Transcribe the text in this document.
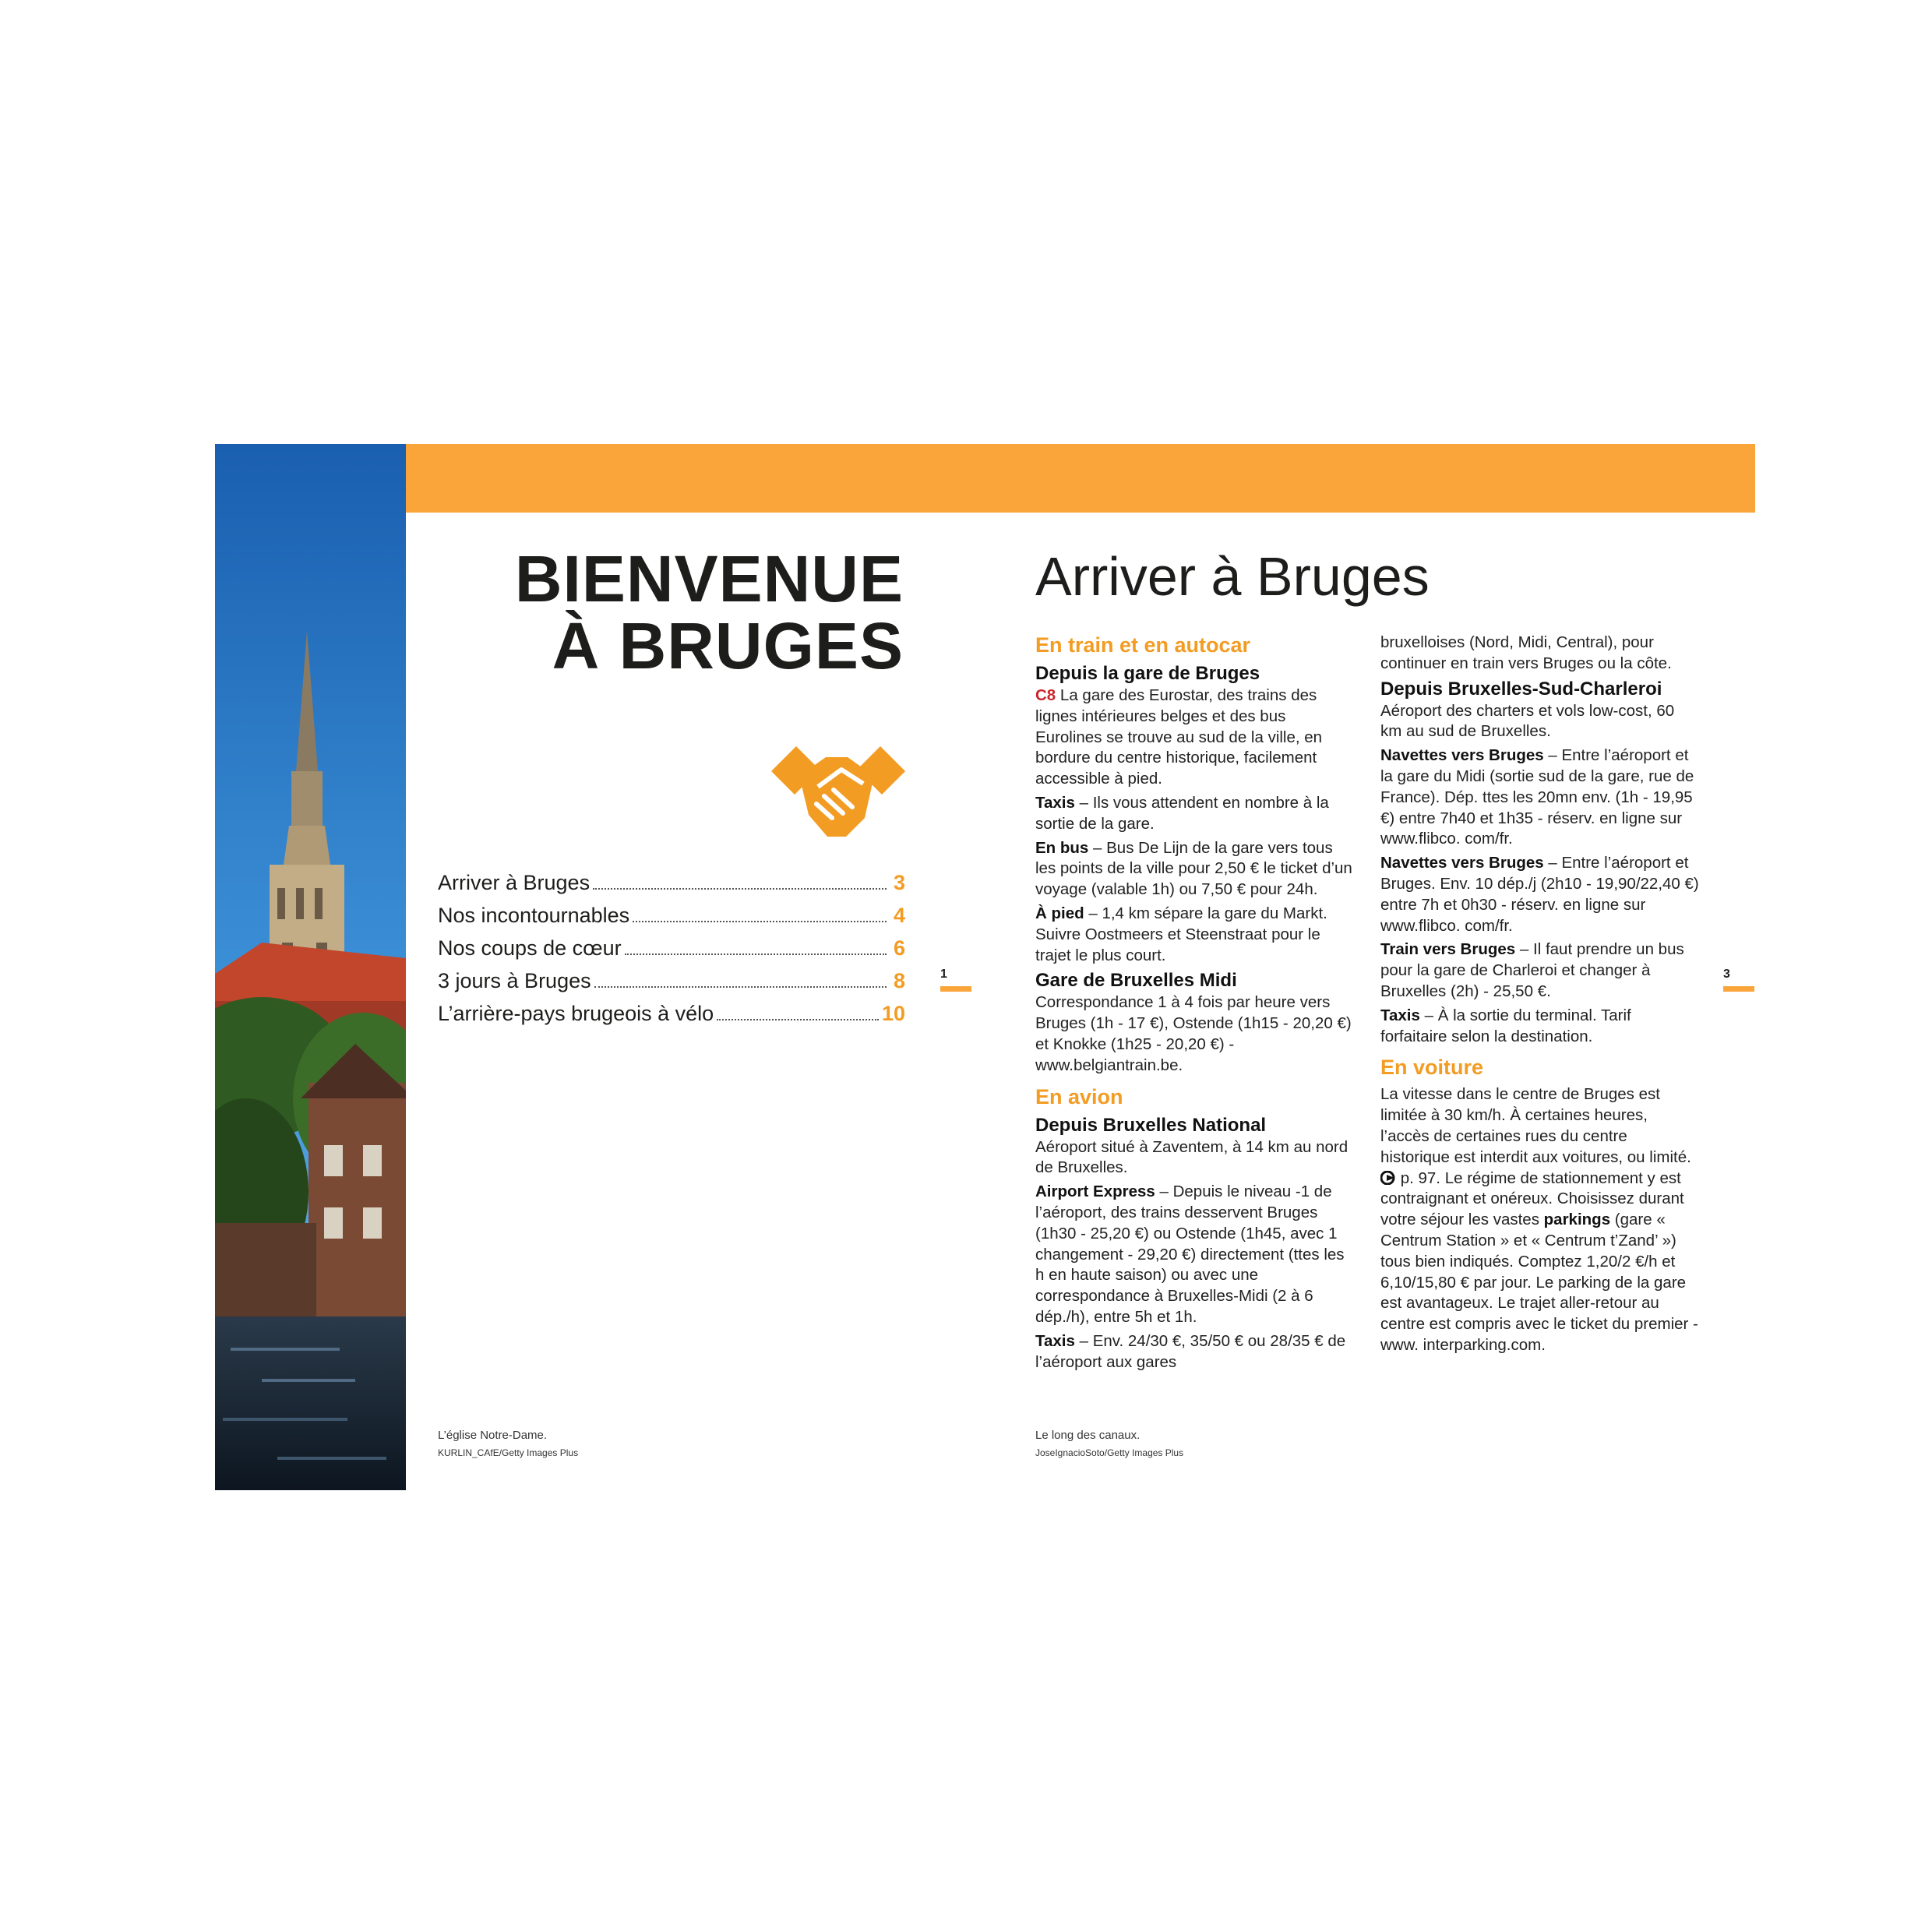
BIENVENUE
À BRUGES
Arriver à Bruges	3
Nos incontournables	4
Nos coups de cœur	6
3 jours à Bruges	8
L’arrière-pays brugeois à vélo	10
L’église Notre-Dame.
KURLIN_CAfE/Getty Images Plus
1
Arriver à Bruges
En train et en autocar
Depuis la gare de Bruges

C8 La gare des Eurostar, des trains des lignes intérieures belges et des bus Eurolines se trouve au sud de la ville, en bordure du centre historique, facilement accessible à pied.

Taxis – Ils vous attendent en nombre à la sortie de la gare.

En bus – Bus De Lijn de la gare vers tous les points de la ville pour 2,50 € le ticket d’un voyage (valable 1h) ou 7,50 € pour 24h.

À pied – 1,4 km sépare la gare du Markt. Suivre Oostmeers et Steenstraat pour le trajet le plus court.

Gare de Bruxelles Midi

Correspondance 1 à 4 fois par heure vers Bruges (1h - 17 €), Ostende (1h15 - 20,20 €) et Knokke (1h25 - 20,20 €) - www.belgiantrain.be.

En avion
Depuis Bruxelles National

Aéroport situé à Zaventem, à 14 km au nord de Bruxelles.

Airport Express – Depuis le niveau -1 de l’aéroport, des trains desservent Bruges (1h30 - 25,20 €) ou Ostende (1h45, avec 1 changement - 29,20 €) directement (ttes les h en haute saison) ou avec une correspondance à Bruxelles-Midi (2 à 6 dép./h), entre 5h et 1h.

Taxis – Env. 24/30 €, 35/50 € ou 28/35 € de l’aéroport aux gares

Le long des canaux.
JoseIgnacioSoto/Getty Images Plus

bruxelloises (Nord, Midi, Central), pour continuer en train vers Bruges ou la côte.

Depuis Bruxelles-Sud-Charleroi

Aéroport des charters et vols low-cost, 60 km au sud de Bruxelles.

Navettes vers Bruges – Entre l’aéroport et la gare du Midi (sortie sud de la gare, rue de France). Dép. ttes les 20mn env. (1h - 19,95 €) entre 7h40 et 1h35 - réserv. en ligne sur www.flibco. com/fr.

Navettes vers Bruges – Entre l’aéroport et Bruges. Env. 10 dép./j (2h10 - 19,90/22,40 €) entre 7h et 0h30 - réserv. en ligne sur www.flibco. com/fr.

Train vers Bruges – Il faut prendre un bus pour la gare de Charleroi et changer à Bruxelles (2h) - 25,50 €.

Taxis – À la sortie du terminal. Tarif forfaitaire selon la destination.

En voiture

La vitesse dans le centre de Bruges est limitée à 30 km/h. À certaines heures, l’accès de certaines rues du centre historique est interdit aux voitures, ou limité.  p. 97. Le régime de stationnement y est contraignant et onéreux. Choisissez durant votre séjour les vastes parkings (gare « Centrum Station » et « Centrum t’Zand’ ») tous bien indiqués. Comptez 1,20/2 €/h et 6,10/15,80 € par jour. Le parking de la gare est avantageux. Le trajet aller-retour au centre est compris avec le ticket du premier - www. interparking.com.

3
